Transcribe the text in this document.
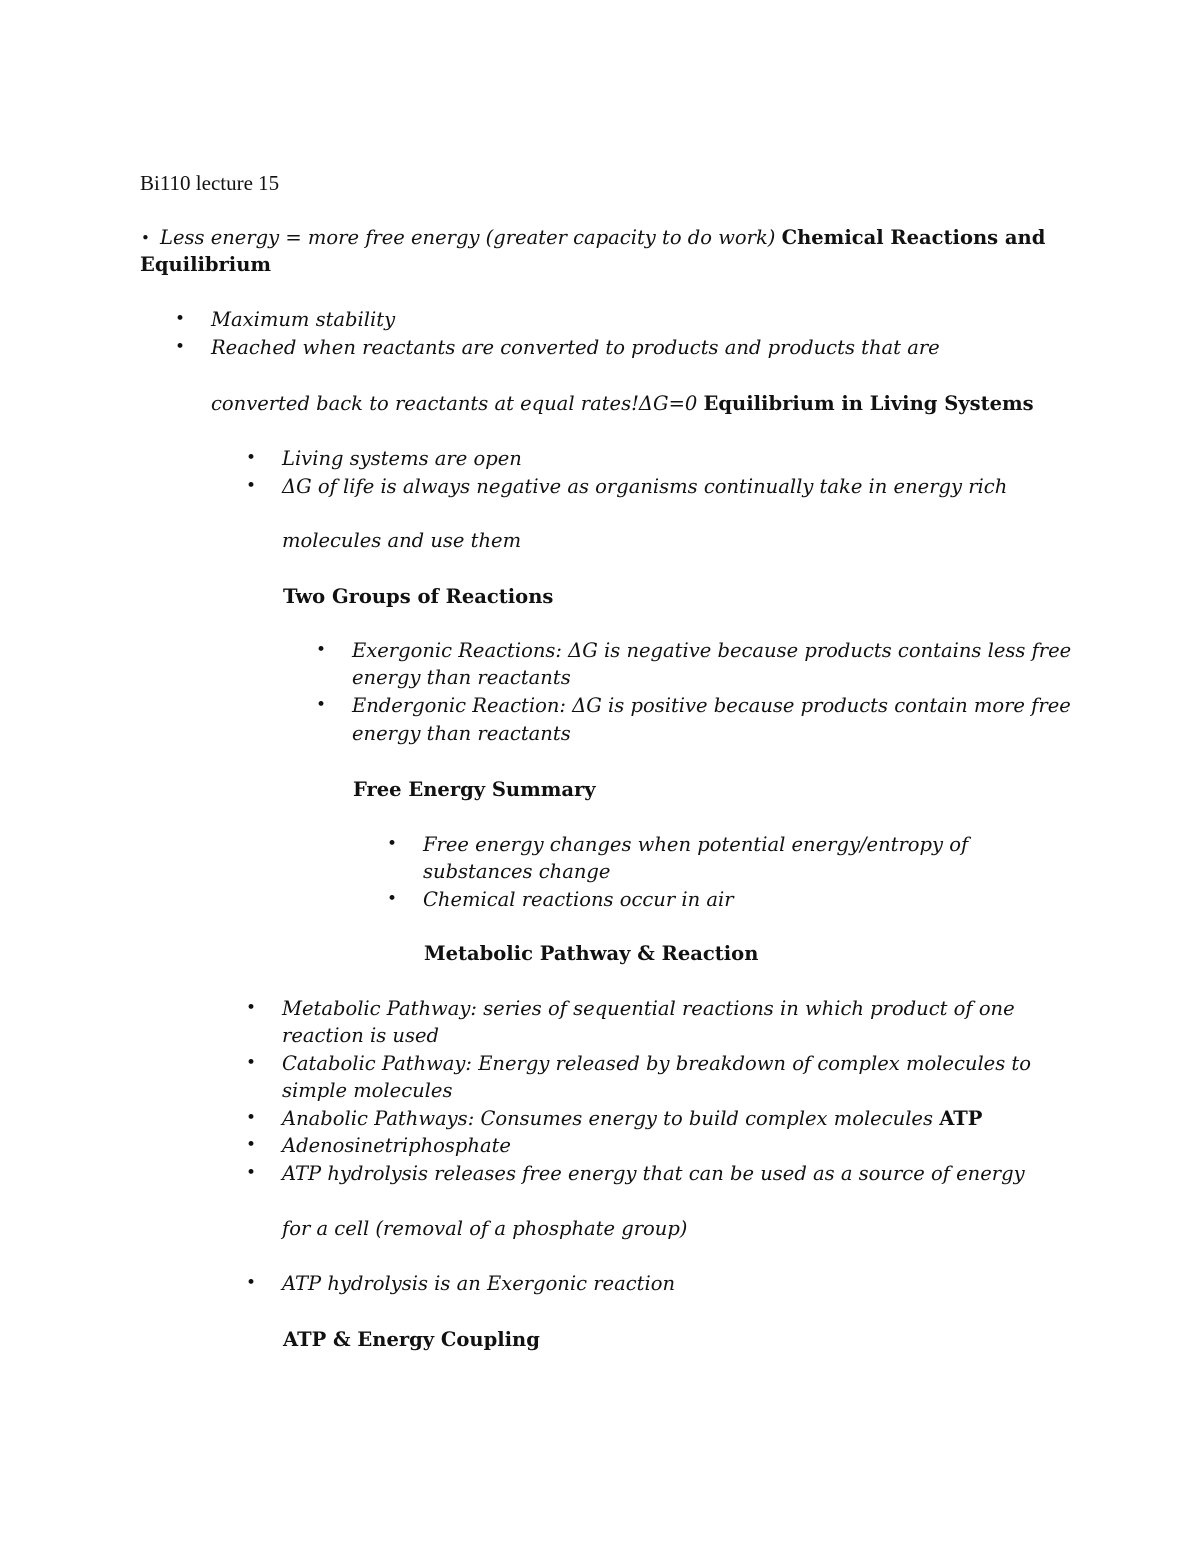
Bi110 lecture 15
• Less energy = more free energy (greater capacity to do work) Chemical Reactions and
Equilibrium
• Maximum stability
• Reached when reactants are converted to products and products that are
converted back to reactants at equal rates!ΔG=0 Equilibrium in Living Systems
• Living systems are open
• ΔG of life is always negative as organisms continually take in energy rich
molecules and use them
Two Groups of Reactions
• Exergonic Reactions: ΔG is negative because products contains less free
energy than reactants
• Endergonic Reaction: ΔG is positive because products contain more free
energy than reactants
Free Energy Summary
• Free energy changes when potential energy/entropy of
substances change
• Chemical reactions occur in air
Metabolic Pathway & Reaction
• Metabolic Pathway: series of sequential reactions in which product of one
reaction is used
• Catabolic Pathway: Energy released by breakdown of complex molecules to
simple molecules
• Anabolic Pathways: Consumes energy to build complex molecules ATP
• Adenosinetriphosphate
• ATP hydrolysis releases free energy that can be used as a source of energy
for a cell (removal of a phosphate group)
• ATP hydrolysis is an Exergonic reaction
ATP & Energy Coupling
